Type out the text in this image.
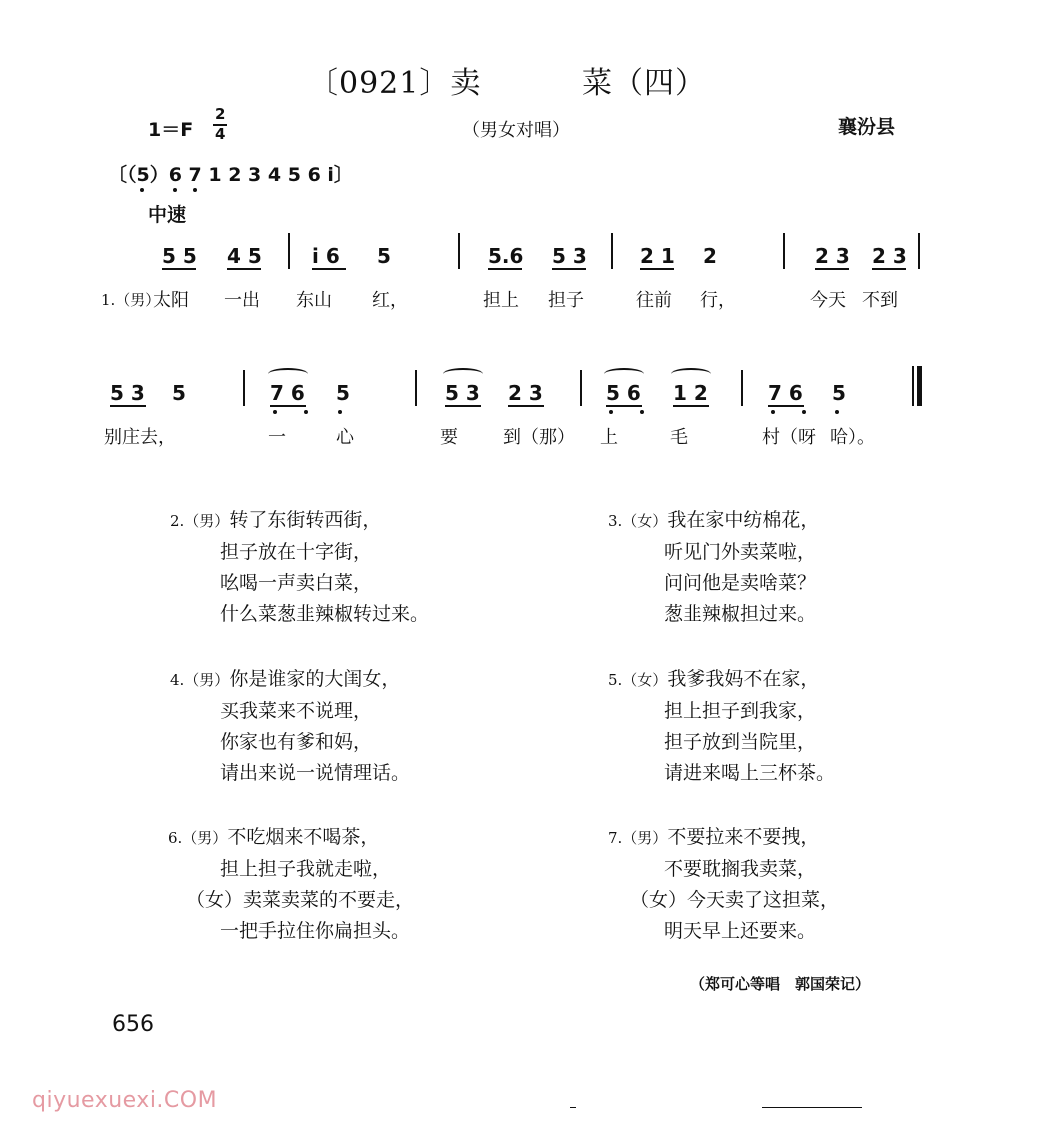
〔0921〕卖	菜（四）
1＝F
2
4	（男女对唱）	襄汾县
〔（5）6 7 1 2 3 4 5 6 i〕
中速
5 5 4 5	i 6 5	5.6 5 3	2 1 2	2 3 2 3
1.（男）
太阳 一出 东山 红，	担上 担子	往前 行，	今天 不到
5 3 5	7 6 5	5 3 2 3	5 6 1 2	7 6 5
别庄去，	一	心	要	到（那） 上	毛	村（呀 哈）。
2.（男）转了东街转西街，
担子放在十字街，
吆喝一声卖白菜，
什么菜葱韭辣椒转过来。
3.（女）我在家中纺棉花，
听见门外卖菜啦，
问问他是卖啥菜？
葱韭辣椒担过来。
4.（男）你是谁家的大闺女，
买我菜来不说理，
你家也有爹和妈，
请出来说一说情理话。
5.（女）我爹我妈不在家，
担上担子到我家，
担子放到当院里，
请进来喝上三杯茶。
6.（男）不吃烟来不喝茶，
担上担子我就走啦，
（女）卖菜卖菜的不要走，
一把手拉住你扁担头。
7.（男）不要拉来不要拽，
不要耽搁我卖菜，
（女）今天卖了这担菜，
明天早上还要来。
（郑可心等唱　郭国荣记）
656
qiyuexuexi.COM
